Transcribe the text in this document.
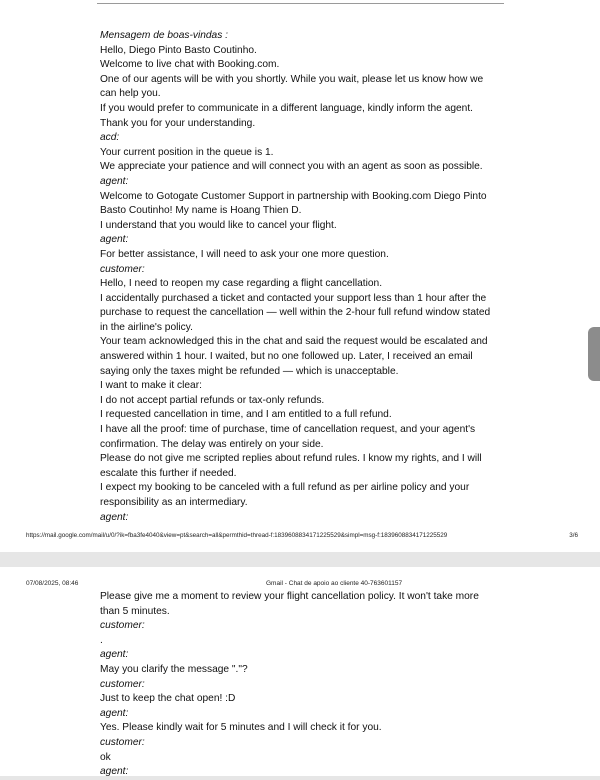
Mensagem de boas-vindas :
Hello, Diego Pinto Basto Coutinho.
Welcome to live chat with Booking.com.
One of our agents will be with you shortly. While you wait, please let us know how we can help you.
If you would prefer to communicate in a different language, kindly inform the agent.
Thank you for your understanding.
acd:
Your current position in the queue is 1.
We appreciate your patience and will connect you with an agent as soon as possible.
agent:
Welcome to Gotogate Customer Support in partnership with Booking.com Diego Pinto Basto Coutinho! My name is Hoang Thien D.
I understand that you would like to cancel your flight.
agent:
For better assistance, I will need to ask your one more question.
customer:
Hello, I need to reopen my case regarding a flight cancellation.
I accidentally purchased a ticket and contacted your support less than 1 hour after the purchase to request the cancellation — well within the 2-hour full refund window stated in the airline's policy.
Your team acknowledged this in the chat and said the request would be escalated and answered within 1 hour. I waited, but no one followed up. Later, I received an email saying only the taxes might be refunded — which is unacceptable.
I want to make it clear:
I do not accept partial refunds or tax-only refunds.
I requested cancellation in time, and I am entitled to a full refund.
I have all the proof: time of purchase, time of cancellation request, and your agent's confirmation. The delay was entirely on your side.
Please do not give me scripted replies about refund rules. I know my rights, and I will escalate this further if needed.
I expect my booking to be canceled with a full refund as per airline policy and your responsibility as an intermediary.
agent:
https://mail.google.com/mail/u/0/?ik=fba3fe4040&view=pt&search=all&permthid=thread-f:1839608834171225529&simpl=msg-f:1839608834171225529	3/6
07/08/2025, 08:46	Gmail - Chat de apoio ao cliente 40-763601157
Please give me a moment to review your flight cancellation policy. It won't take more than 5 minutes.
customer:
.
agent:
May you clarify the message "."?
customer:
Just to keep the chat open! :D
agent:
Yes. Please kindly wait for 5 minutes and I will check it for you.
customer:
ok
agent:
